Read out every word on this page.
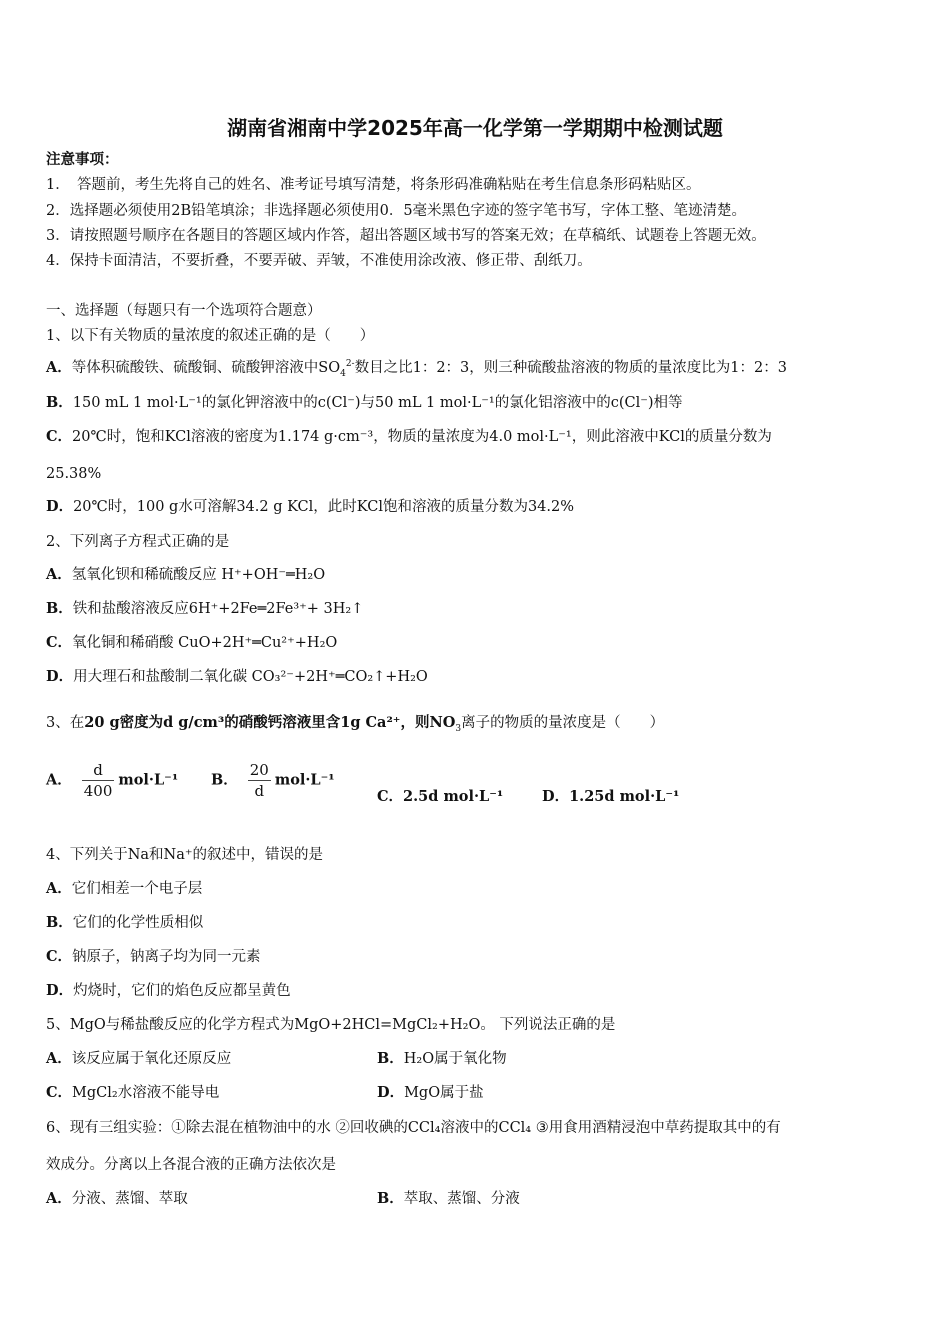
湖南省湘南中学2025年高一化学第一学期期中检测试题
注意事项：
1．　答题前，考生先将自己的姓名、准考证号填写清楚，将条形码准确粘贴在考生信息条形码粘贴区。
2．选择题必须使用2B铅笔填涂；非选择题必须使用0．5毫米黑色字迹的签字笔书写，字体工整、笔迹清楚。
3．请按照题号顺序在各题目的答题区域内作答，超出答题区域书写的答案无效；在草稿纸、试题卷上答题无效。
4．保持卡面清洁，不要折叠，不要弄破、弄皱，不准使用涂改液、修正带、刮纸刀。
一、选择题（每题只有一个选项符合题意）
1、以下有关物质的量浓度的叙述正确的是（　　）
A．等体积硫酸铁、硫酸铜、硫酸钾溶液中$SO_4^{2-}$数目之比1：2：3，则三种硫酸盐溶液的物质的量浓度比为1：2：3
B．150 mL 1 mol·L⁻¹的氯化钾溶液中的c(Cl⁻)与50 mL 1 mol·L⁻¹的氯化铝溶液中的c(Cl⁻)相等
C．20℃时，饱和KCl溶液的密度为1.174 g·cm⁻³，物质的量浓度为4.0 mol·L⁻¹，则此溶液中KCl的质量分数为
25.38%
D．20℃时，100 g水可溶解34.2 g KCl，此时KCl饱和溶液的质量分数为34.2%
2、下列离子方程式正确的是
A．氢氧化钡和稀硫酸反应 H⁺+OH⁻═H₂O
B．铁和盐酸溶液反应6H⁺+2Fe═2Fe³⁺+ 3H₂↑
C．氧化铜和稀硝酸 CuO+2H⁺═Cu²⁺+H₂O
D．用大理石和盐酸制二氧化碳 CO₃²⁻+2H⁺═CO₂↑+H₂O
3、在20 g密度为d g/cm³的硝酸钙溶液里含1g Ca²⁺，则$NO_3$离子的物质的量浓度是（　　）
A． $\frac{d}{400} mol\cdot L^{-1}$ B． $\frac{20}{d} mol\cdot L^{-1}$
C．2.5d mol·L⁻¹	D．1.25d mol·L⁻¹
4、下列关于Na和Na⁺的叙述中，错误的是
A．它们相差一个电子层
B．它们的化学性质相似
C．钠原子，钠离子均为同一元素
D．灼烧时，它们的焰色反应都呈黄色
5、MgO与稀盐酸反应的化学方程式为MgO+2HCl=MgCl₂+H₂O。 下列说法正确的是
A．该反应属于氧化还原反应	B．H₂O属于氧化物
C．MgCl₂水溶液不能导电	D．MgO属于盐
6、现有三组实验：①除去混在植物油中的水 ②回收碘的CCl₄溶液中的CCl₄ ③用食用酒精浸泡中草药提取其中的有
效成分。分离以上各混合液的正确方法依次是
A．分液、蒸馏、萃取	B．萃取、蒸馏、分液
